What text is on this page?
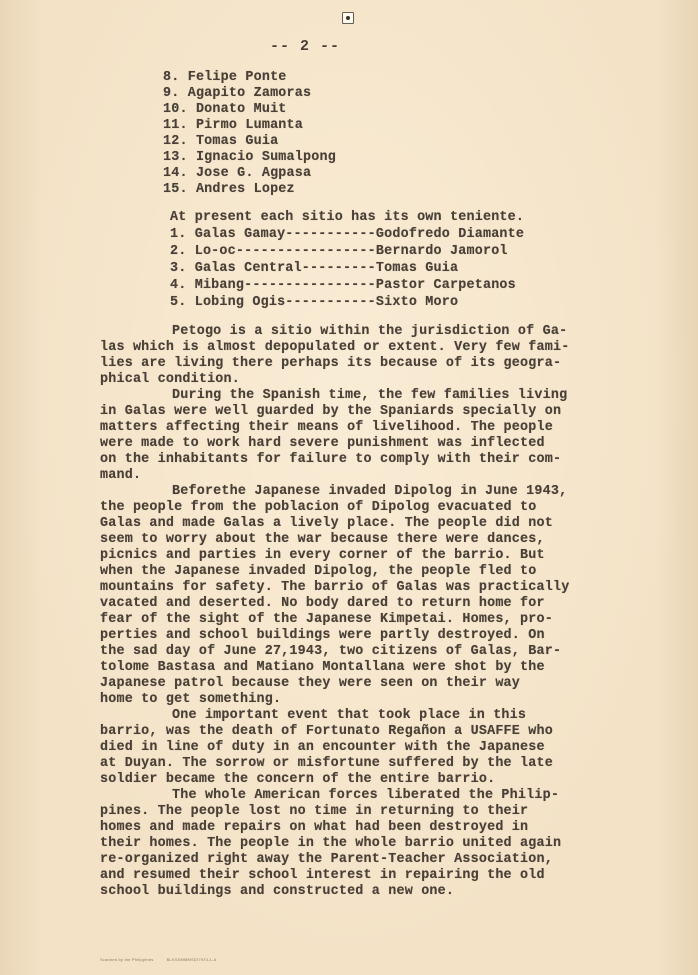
-- 2 --
8. Felipe Ponte
9. Agapito Zamoras
10. Donato Muit
11. Pirmo Lumanta
12. Tomas Guia
13. Ignacio Sumalpong
14. Jose G. Agpasa
15. Andres Lopez
At present each sitio has its own teniente.
1. Galas Gamay-----------Godofredo Diamante
2. Lo-oc-----------------Bernardo Jamorol
3. Galas Central---------Tomas Guia
4. Mibang----------------Pastor Carpetanos
5. Lobing Ogis-----------Sixto Moro
Petogo is a sitio within the jurisdiction of Ga-
las which is almost depopulated or extent. Very few fami-
lies are living there perhaps its because of its geogra-
phical condition.
During the Spanish time, the few families living
in Galas were well guarded by the Spaniards specially on
matters affecting their means of livelihood. The people
were made to work hard severe punishment was inflected
on the inhabitants for failure to comply with their com-
mand.
Beforethe Japanese invaded Dipolog in June 1943,
the people from the poblacion of Dipolog evacuated to
Galas and made Galas a lively place. The people did not
seem to worry about the war because there were dances,
picnics and parties in every corner of the barrio. But
when the Japanese invaded Dipolog, the people fled to
mountains for safety. The barrio of Galas was practically
vacated and deserted. No body dared to return home for
fear of the sight of the Japanese Kimpetai. Homes, pro-
perties and school buildings were partly destroyed. On
the sad day of June 27,1943, two citizens of Galas, Bar-
tolome Bastasa and Matiano Montallana were shot by the
Japanese patrol because they were seen on their way
home to get something.
One important event that took place in this
barrio, was the death of Fortunato Regañon a USAFFE who
died in line of duty in an encounter with the Japanese
at Duyan. The sorrow or misfortune suffered by the late
soldier became the concern of the entire barrio.
The whole American forces liberated the Philip-
pines. The people lost no time in returning to their
homes and made repairs on what had been destroyed in
their homes. The people in the whole barrio united again
re-organized right away the Parent-Teacher Association,
and resumed their school interest in repairing the old
school buildings and constructed a new one.
Scanned by the Philippines          BLKSSMMMSDI7974-1-A
